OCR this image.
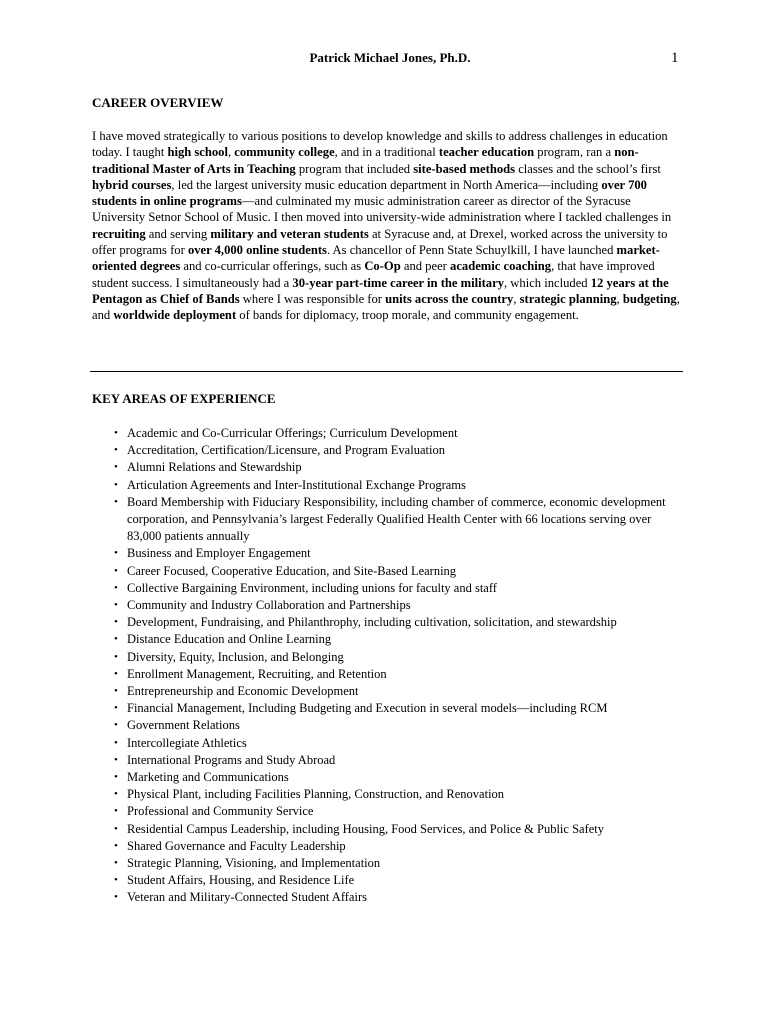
Patrick Michael Jones, Ph.D.	1
CAREER OVERVIEW

I have moved strategically to various positions to develop knowledge and skills to address challenges in education today. I taught high school, community college, and in a traditional teacher education program, ran a non-traditional Master of Arts in Teaching program that included site-based methods classes and the school’s first hybrid courses, led the largest university music education department in North America—including over 700 students in online programs—and culminated my music administration career as director of the Syracuse University Setnor School of Music. I then moved into university-wide administration where I tackled challenges in recruiting and serving military and veteran students at Syracuse and, at Drexel, worked across the university to offer programs for over 4,000 online students. As chancellor of Penn State Schuylkill, I have launched market-oriented degrees and co-curricular offerings, such as Co-Op and peer academic coaching, that have improved student success. I simultaneously had a 30-year part-time career in the military, which included 12 years at the Pentagon as Chief of Bands where I was responsible for units across the country, strategic planning, budgeting, and worldwide deployment of bands for diplomacy, troop morale, and community engagement.

KEY AREAS OF EXPERIENCE
• Academic and Co-Curricular Offerings; Curriculum Development
• Accreditation, Certification/Licensure, and Program Evaluation
• Alumni Relations and Stewardship
• Articulation Agreements and Inter-Institutional Exchange Programs
• Board Membership with Fiduciary Responsibility, including chamber of commerce, economic development corporation, and Pennsylvania’s largest Federally Qualified Health Center with 66 locations serving over 83,000 patients annually
• Business and Employer Engagement
• Career Focused, Cooperative Education, and Site-Based Learning
• Collective Bargaining Environment, including unions for faculty and staff
• Community and Industry Collaboration and Partnerships
• Development, Fundraising, and Philanthrophy, including cultivation, solicitation, and stewardship
• Distance Education and Online Learning
• Diversity, Equity, Inclusion, and Belonging
• Enrollment Management, Recruiting, and Retention
• Entrepreneurship and Economic Development
• Financial Management, Including Budgeting and Execution in several models—including RCM
• Government Relations
• Intercollegiate Athletics
• International Programs and Study Abroad
• Marketing and Communications
• Physical Plant, including Facilities Planning, Construction, and Renovation
• Professional and Community Service
• Residential Campus Leadership, including Housing, Food Services, and Police & Public Safety
• Shared Governance and Faculty Leadership
• Strategic Planning, Visioning, and Implementation
• Student Affairs, Housing, and Residence Life
• Veteran and Military-Connected Student Affairs
